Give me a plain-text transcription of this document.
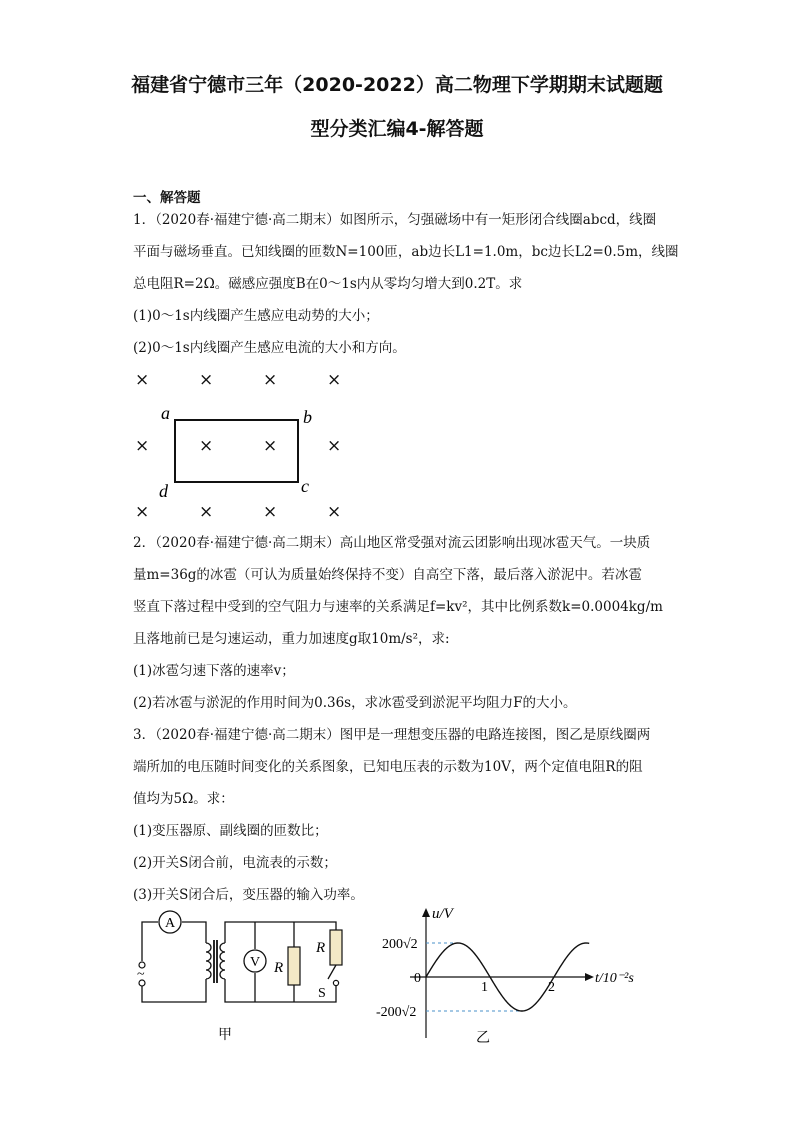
福建省宁德市三年（2020-2022）高二物理下学期期末试题题
型分类汇编4-解答题
一、解答题
1．（2020春·福建宁德·高二期末）如图所示，匀强磁场中有一矩形闭合线圈abcd，线圈
平面与磁场垂直。已知线圈的匝数N=100匝，ab边长L1=1.0m，bc边长L2=0.5m，线圈
总电阻R=2Ω。磁感应强度B在0～1s内从零均匀增大到0.2T。求
(1)0～1s内线圈产生感应电动势的大小；
(2)0～1s内线圈产生感应电流的大小和方向。
×	×	×	×
×	×	×	×
×	×	×	×
a	b
c
d
2．（2020春·福建宁德·高二期末）高山地区常受强对流云团影响出现冰雹天气。一块质
量m=36g的冰雹（可认为质量始终保持不变）自高空下落，最后落入淤泥中。若冰雹
竖直下落过程中受到的空气阻力与速率的关系满足f=kv²，其中比例系数k=0.0004kg/m
且落地前已是匀速运动，重力加速度g取10m/s²，求:
(1)冰雹匀速下落的速率v；
(2)若冰雹与淤泥的作用时间为0.36s，求冰雹受到淤泥平均阻力F的大小。
3．（2020春·福建宁德·高二期末）图甲是一理想变压器的电路连接图，图乙是原线圈两
端所加的电压随时间变化的关系图象，已知电压表的示数为10V，两个定值电阻R的阻
值均为5Ω。求：
(1)变压器原、副线圈的匝数比；
(2)开关S闭合前，电流表的示数；
(3)开关S闭合后，变压器的输入功率。
~
A
V R
R
S
甲
u/V
t/10⁻²s
200√2
0
-200√2
1	2
乙
